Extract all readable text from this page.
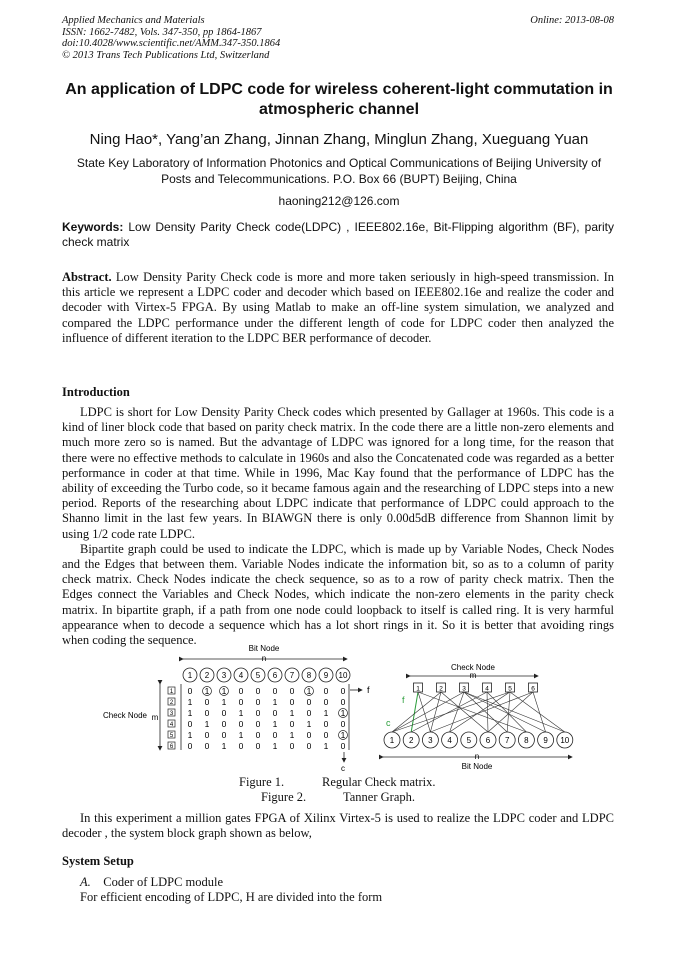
Applied Mechanics and Materials
ISSN: 1662-7482, Vols. 347-350, pp 1864-1867
doi:10.4028/www.scientific.net/AMM.347-350.1864
© 2013 Trans Tech Publications Ltd, Switzerland
Online: 2013-08-08
An application of LDPC code for wireless coherent-light commutation in atmospheric channel
Ning Hao*, Yang’an Zhang, Jinnan Zhang, Minglun Zhang, Xueguang Yuan
State Key Laboratory of Information Photonics and Optical Communications of Beijing University of Posts and Telecommunications. P.O. Box 66 (BUPT) Beijing, China
haoning212@126.com
Keywords: Low Density Parity Check code(LDPC) , IEEE802.16e, Bit-Flipping algorithm (BF), parity check matrix

Abstract. Low Density Parity Check code is more and more taken seriously in high-speed transmission. In this article we represent a LDPC coder and decoder which based on IEEE802.16e and realize the coder and decoder with Virtex-5 FPGA. By using Matlab to make an off-line system simulation, we analyzed and compared the LDPC performance under the different length of code for LDPC coder then analyzed the influence of different iteration to the LDPC BER performance of decoder.

Introduction

LDPC is short for Low Density Parity Check codes which presented by Gallager at 1960s. This code is a kind of liner block code that based on parity check matrix. In the code there are a little non-zero elements and much more zero so is named. But the advantage of LDPC was ignored for a long time, for the reason that there were no effective methods to calculate in 1960s and also the Concatenated code was regarded as a better performance in coder at that time. While in 1996, Mac Kay found that the performance of LDPC has the ability of exceeding the Turbo code, so it became famous again and the researching of LDPC steps into a new period. Reports of the researching about LDPC indicate that performance of LDPC could approach to the Shanno limit in the last few years. In BIAWGN there is only 0.00d5dB difference from Shannon limit by using 1/2 code rate LDPC.

Bipartite graph could be used to indicate the LDPC, which is made up by Variable Nodes, Check Nodes and the Edges that between them. Variable Nodes indicate the information bit, so as to a column of parity check matrix. Check Nodes indicate the check sequence, so as to a row of parity check matrix. Then the Edges connect the Variables and Check Nodes, which indicate the non-zero elements in the parity check matrix. In bipartite graph, if a path from one node could loopback to itself is called ring. It is very harmful appearance when to decode a sequence which has a lot short rings in it. So it is better that avoiding rings when coding the sequence.

Bit Node
n
1 2 3 4 5 6 7 8 9 10
1
2
3
4
5
6
0 1 1 0 0 0 0 1 0 0
1 0 1 0 0 1 0 0 0 0
1 0 0 1 0 0 1 0 1 1
0 1 0 0 0 1 0 1 0 0
1 0 0 1 0 0 1 0 0 1
0 0 1 0 0 1 0 0 1 0
Check Node m
f
c
Check Node
m
1	2	3	4	5	6
1 2 3 4 5 6 7 8 9 10
f
c
n
Bit Node
Figure 1.	Regular Check matrix.
Figure 2.	Tanner Graph.

In this experiment a million gates FPGA of Xilinx Virtex-5 is used to realize the LDPC coder and LDPC decoder , the system block graph shown as below,

System Setup

A. Coder of LDPC module

For efficient encoding of LDPC, H are divided into the form
